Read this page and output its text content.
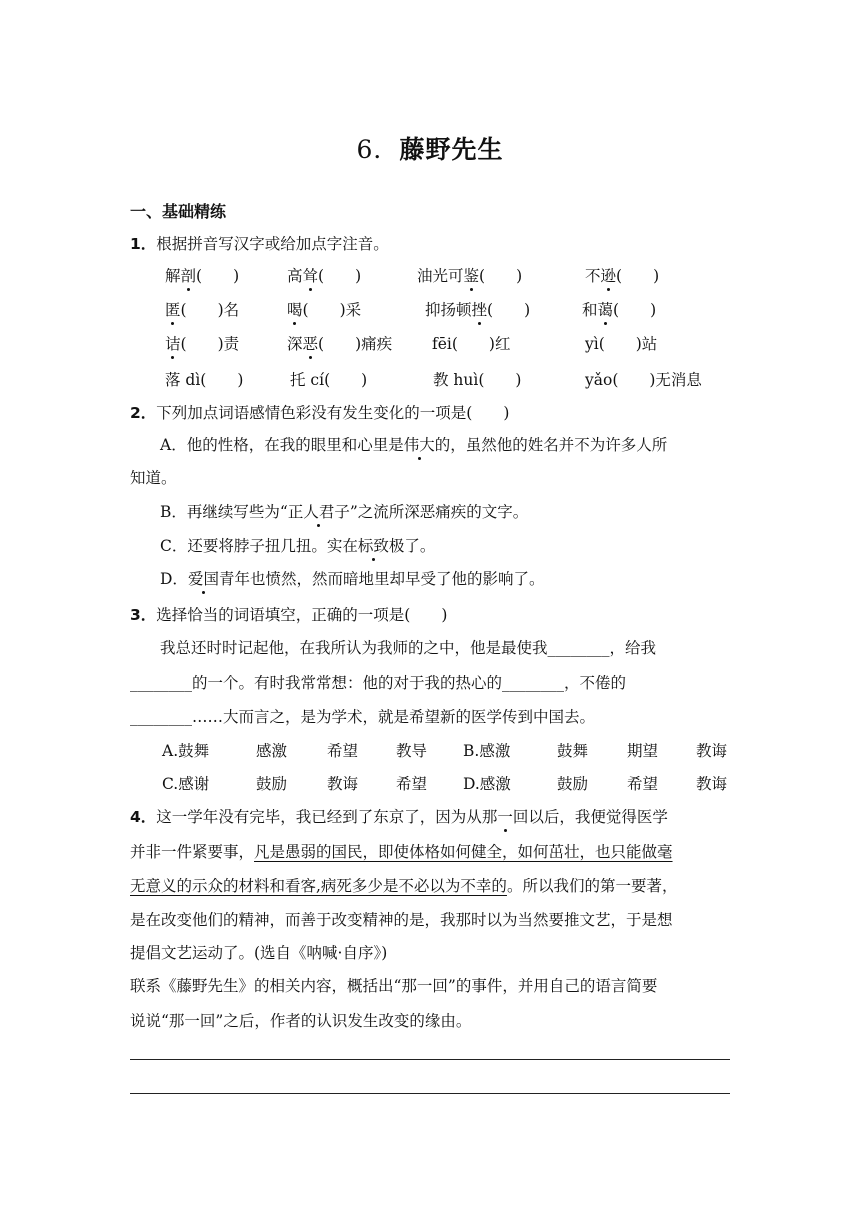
6．藤野先生
一、基础精练
1．根据拼音写汉字或给加点字注音。
解剖(　　)	高耸(　　)	油光可鉴(　　)	不逊(　　)
匿(　　)名	喝(　　)采	抑扬顿挫(　　)	和蔼(　　)
诘(　　)责	深恶(　　)痛疾	fēi(　　)红	yì(　　)站
落 dì(　　)	托 cí(　　)	教 huì(　　)	yǎo(　　)无消息
2．下列加点词语感情色彩没有发生变化的一项是(　　)
A．他的性格，在我的眼里和心里是伟大的，虽然他的姓名并不为许多人所
知道。
B．再继续写些为“正人君子”之流所深恶痛疾的文字。
C．还要将脖子扭几扭。实在标致极了。
D．爱国青年也愤然，然而暗地里却早受了他的影响了。
3．选择恰当的词语填空，正确的一项是(　　)
我总还时时记起他，在我所认为我师的之中，他是最使我________，给我
________的一个。有时我常常想：他的对于我的热心的________，不倦的
________……大而言之，是为学术，就是希望新的医学传到中国去。
A.鼓舞	感激	希望 教导 B.感激	鼓舞	期望 教诲
C.感谢	鼓励	教诲 希望 D.感激	鼓励	希望 教诲
4．这一学年没有完毕，我已经到了东京了，因为从那一回以后，我便觉得医学
并非一件紧要事，凡是愚弱的国民，即使体格如何健全，如何茁壮，也只能做毫
无意义的示众的材料和看客,病死多少是不必以为不幸的。所以我们的第一要著，
是在改变他们的精神，而善于改变精神的是，我那时以为当然要推文艺，于是想
提倡文艺运动了。(选自《呐喊·自序》)
联系《藤野先生》的相关内容，概括出“那一回”的事件，并用自己的语言简要
说说“那一回”之后，作者的认识发生改变的缘由。
